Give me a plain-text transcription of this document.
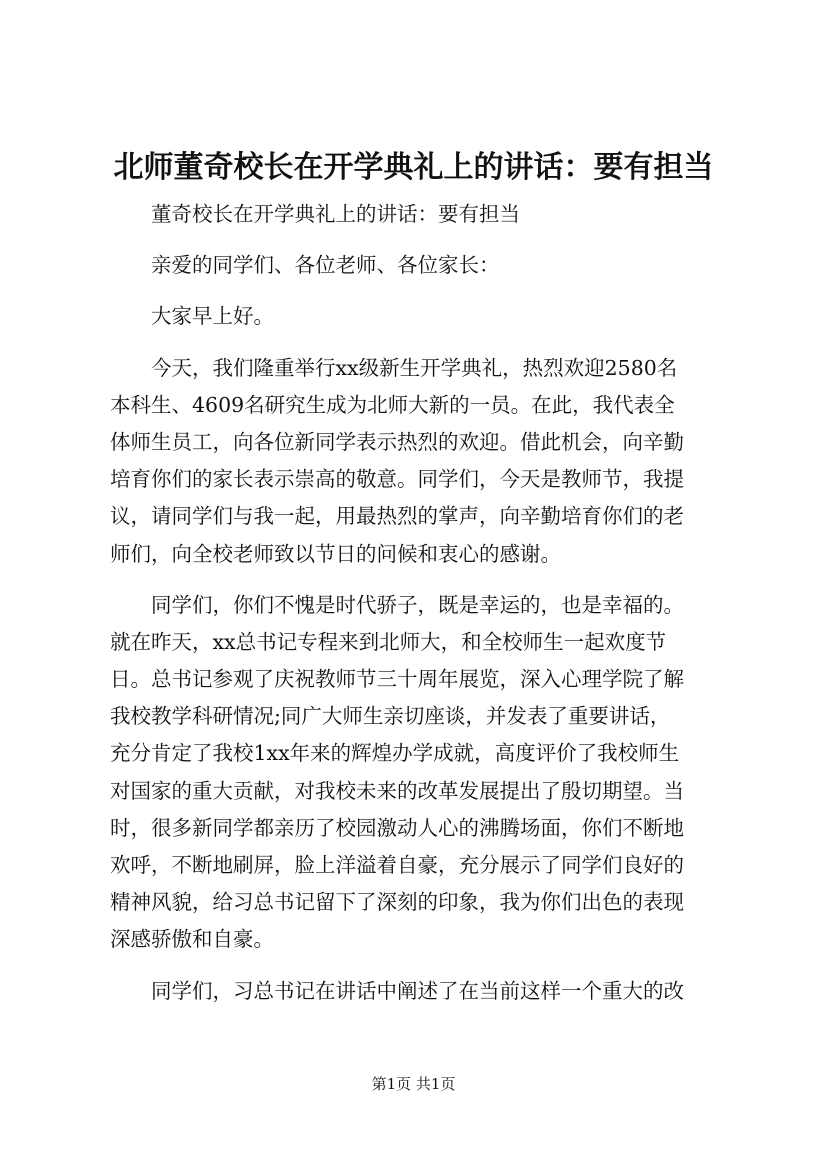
北师董奇校长在开学典礼上的讲话：要有担当
董奇校长在开学典礼上的讲话：要有担当
亲爱的同学们、各位老师、各位家长：
大家早上好。
今天，我们隆重举行xx级新生开学典礼，热烈欢迎2580名
本科生、4609名研究生成为北师大新的一员。在此，我代表全
体师生员工，向各位新同学表示热烈的欢迎。借此机会，向辛勤
培育你们的家长表示崇高的敬意。同学们，今天是教师节，我提
议，请同学们与我一起，用最热烈的掌声，向辛勤培育你们的老
师们，向全校老师致以节日的问候和衷心的感谢。
同学们，你们不愧是时代骄子，既是幸运的，也是幸福的。
就在昨天，xx总书记专程来到北师大，和全校师生一起欢度节
日。总书记参观了庆祝教师节三十周年展览，深入心理学院了解
我校教学科研情况;同广大师生亲切座谈，并发表了重要讲话，
充分肯定了我校1xx年来的辉煌办学成就，高度评价了我校师生
对国家的重大贡献，对我校未来的改革发展提出了殷切期望。当
时，很多新同学都亲历了校园激动人心的沸腾场面，你们不断地
欢呼，不断地刷屏，脸上洋溢着自豪，充分展示了同学们良好的
精神风貌，给习总书记留下了深刻的印象，我为你们出色的表现
深感骄傲和自豪。
同学们，习总书记在讲话中阐述了在当前这样一个重大的改
第1页 共1页
